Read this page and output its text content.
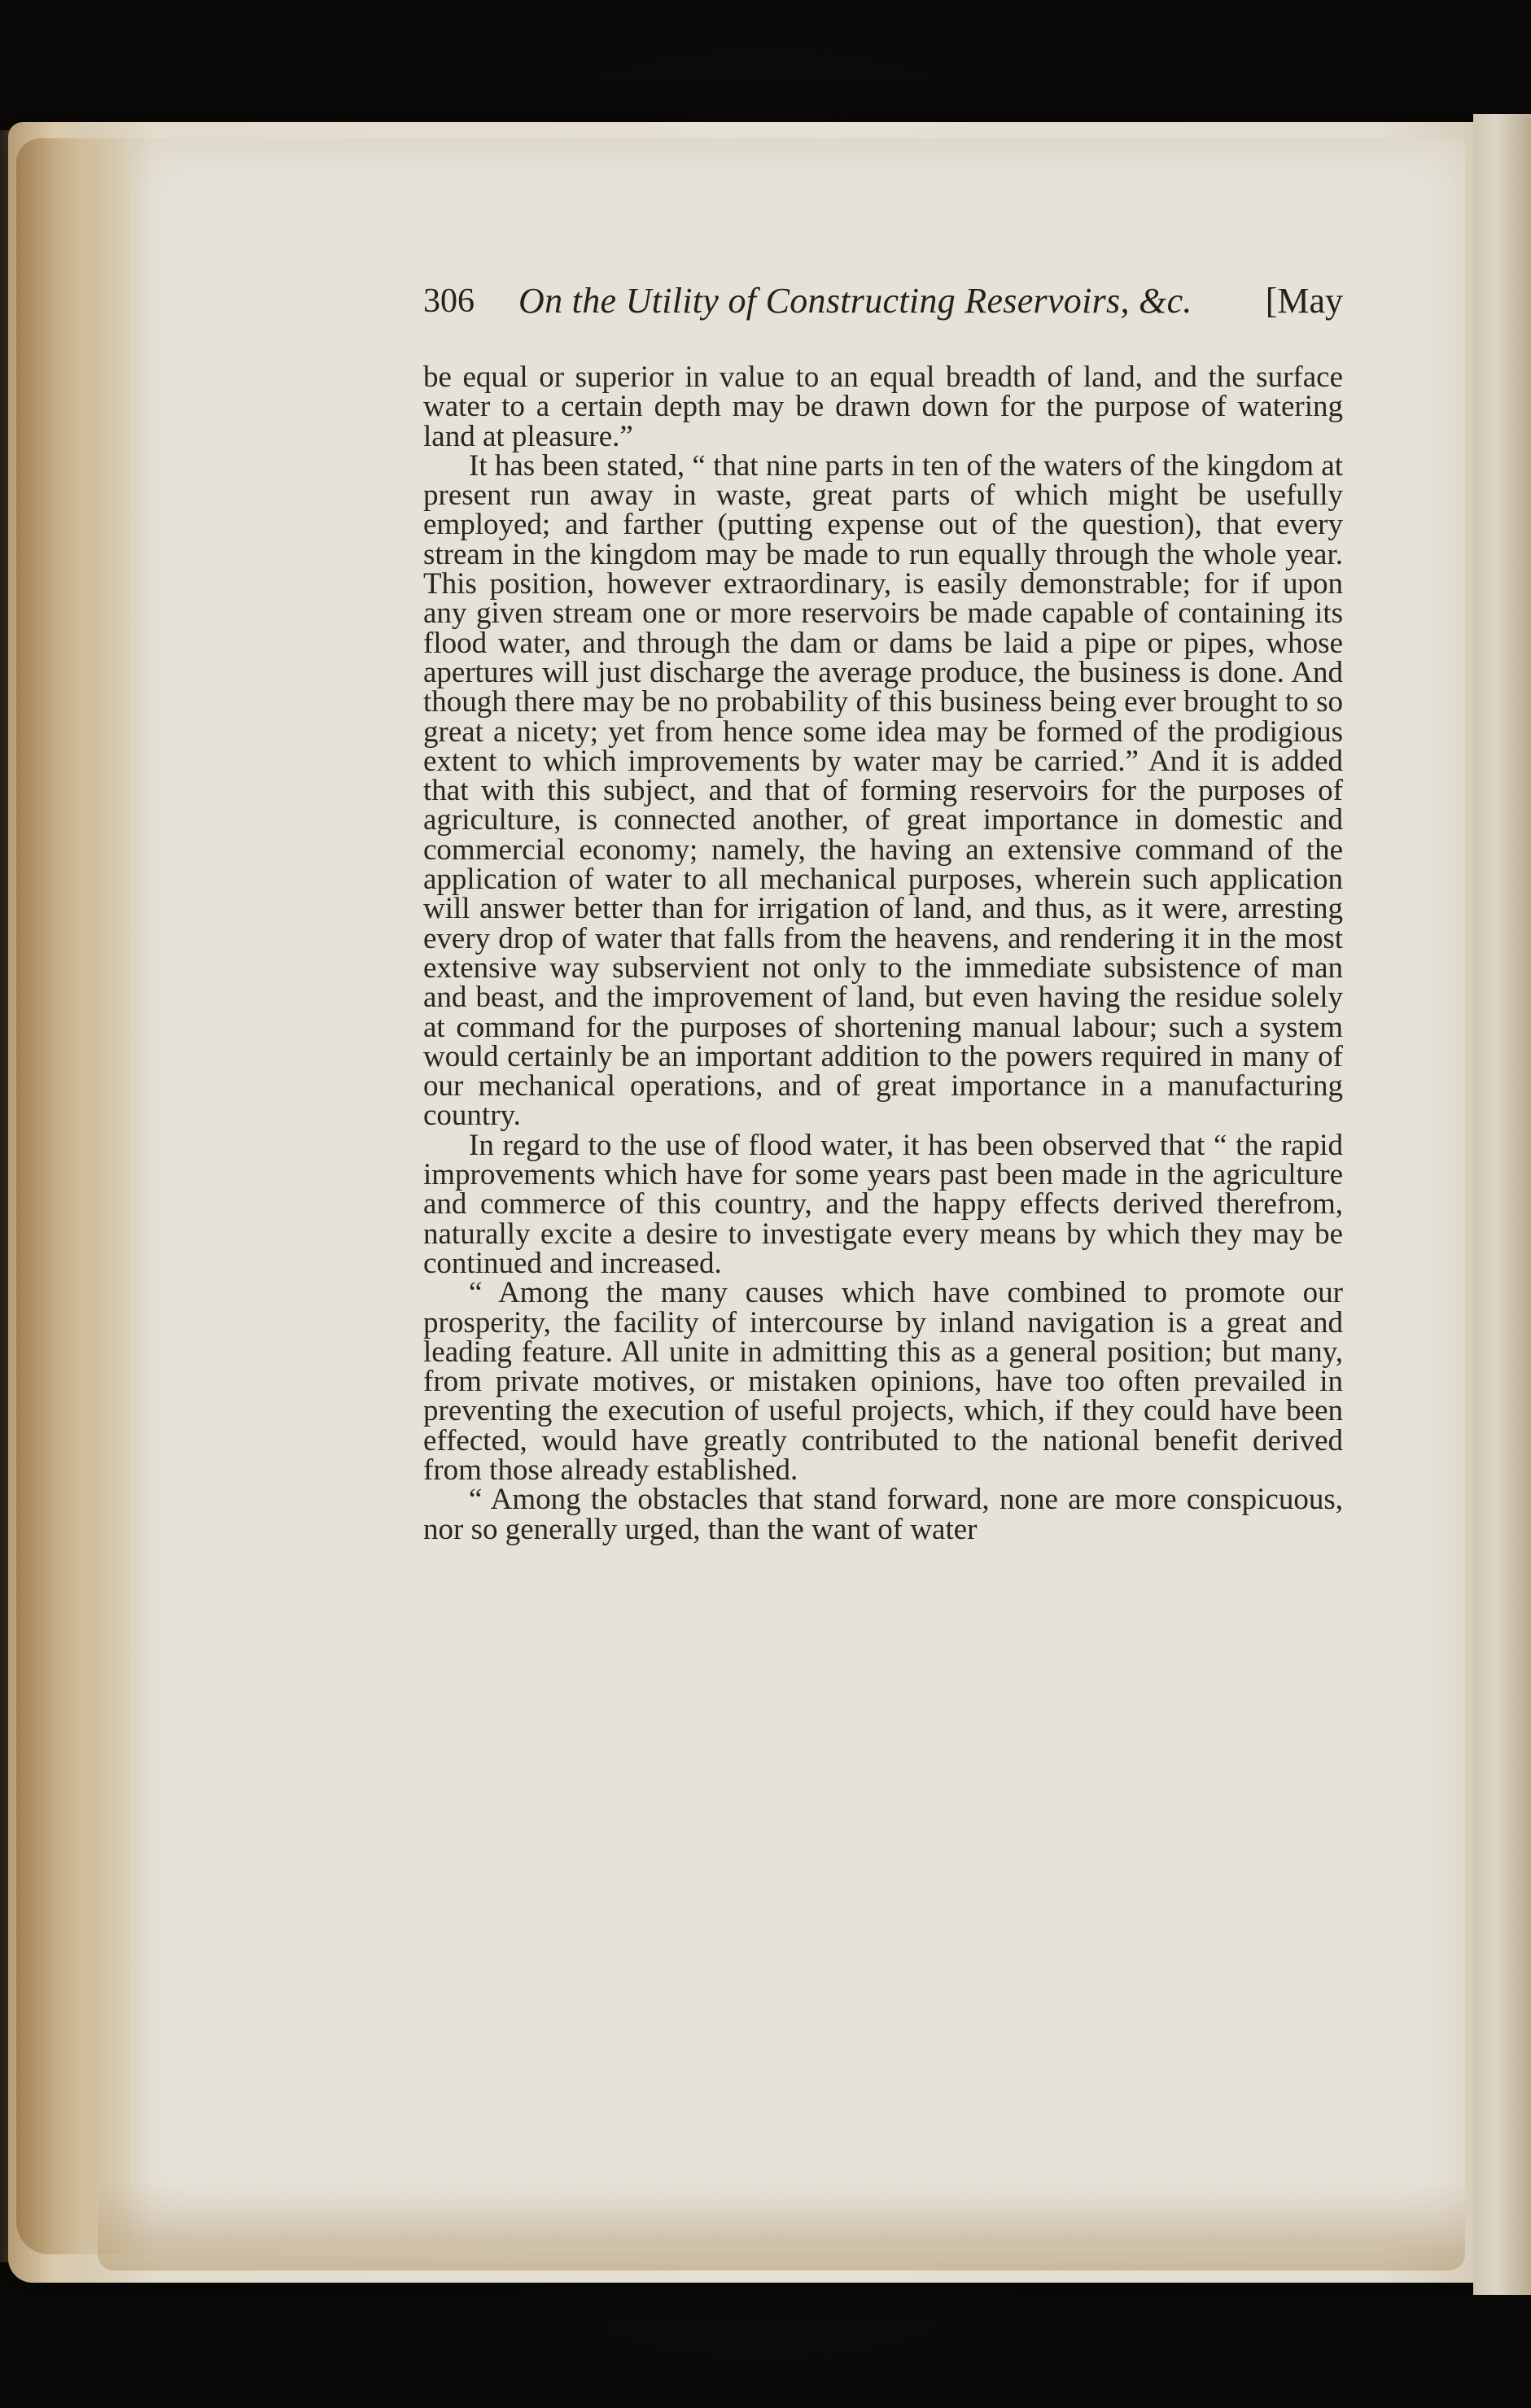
306 On the Utility of Constructing Reservoirs, &c. [May

be equal or superior in value to an equal breadth of land, and the surface water to a certain depth may be drawn down for the purpose of watering land at pleasure.”

It has been stated, “ that nine parts in ten of the waters of the kingdom at present run away in waste, great parts of which might be usefully employed; and farther (putting expense out of the question), that every stream in the kingdom may be made to run equally through the whole year. This position, however extraordinary, is easily demonstrable; for if upon any given stream one or more reservoirs be made capable of containing its flood water, and through the dam or dams be laid a pipe or pipes, whose apertures will just discharge the average produce, the business is done. And though there may be no probability of this business being ever brought to so great a nicety; yet from hence some idea may be formed of the prodigious extent to which improvements by water may be carried.” And it is added that with this subject, and that of forming reservoirs for the purposes of agriculture, is connected another, of great importance in domestic and commercial economy; namely, the having an extensive command of the application of water to all mechanical purposes, wherein such application will answer better than for irrigation of land, and thus, as it were, arresting every drop of water that falls from the heavens, and rendering it in the most extensive way subservient not only to the immediate subsistence of man and beast, and the improvement of land, but even having the residue solely at command for the purposes of shortening manual labour; such a system would certainly be an important addition to the powers required in many of our mechanical operations, and of great importance in a manufacturing country.

In regard to the use of flood water, it has been observed that “ the rapid improvements which have for some years past been made in the agriculture and commerce of this country, and the happy effects derived therefrom, naturally excite a desire to investigate every means by which they may be continued and increased.

“ Among the many causes which have combined to promote our prosperity, the facility of intercourse by inland navigation is a great and leading feature. All unite in admitting this as a general position; but many, from private motives, or mistaken opinions, have too often prevailed in preventing the execution of useful projects, which, if they could have been effected, would have greatly contributed to the national benefit derived from those already established.

“ Among the obstacles that stand forward, none are more conspicuous, nor so generally urged, than the want of water
